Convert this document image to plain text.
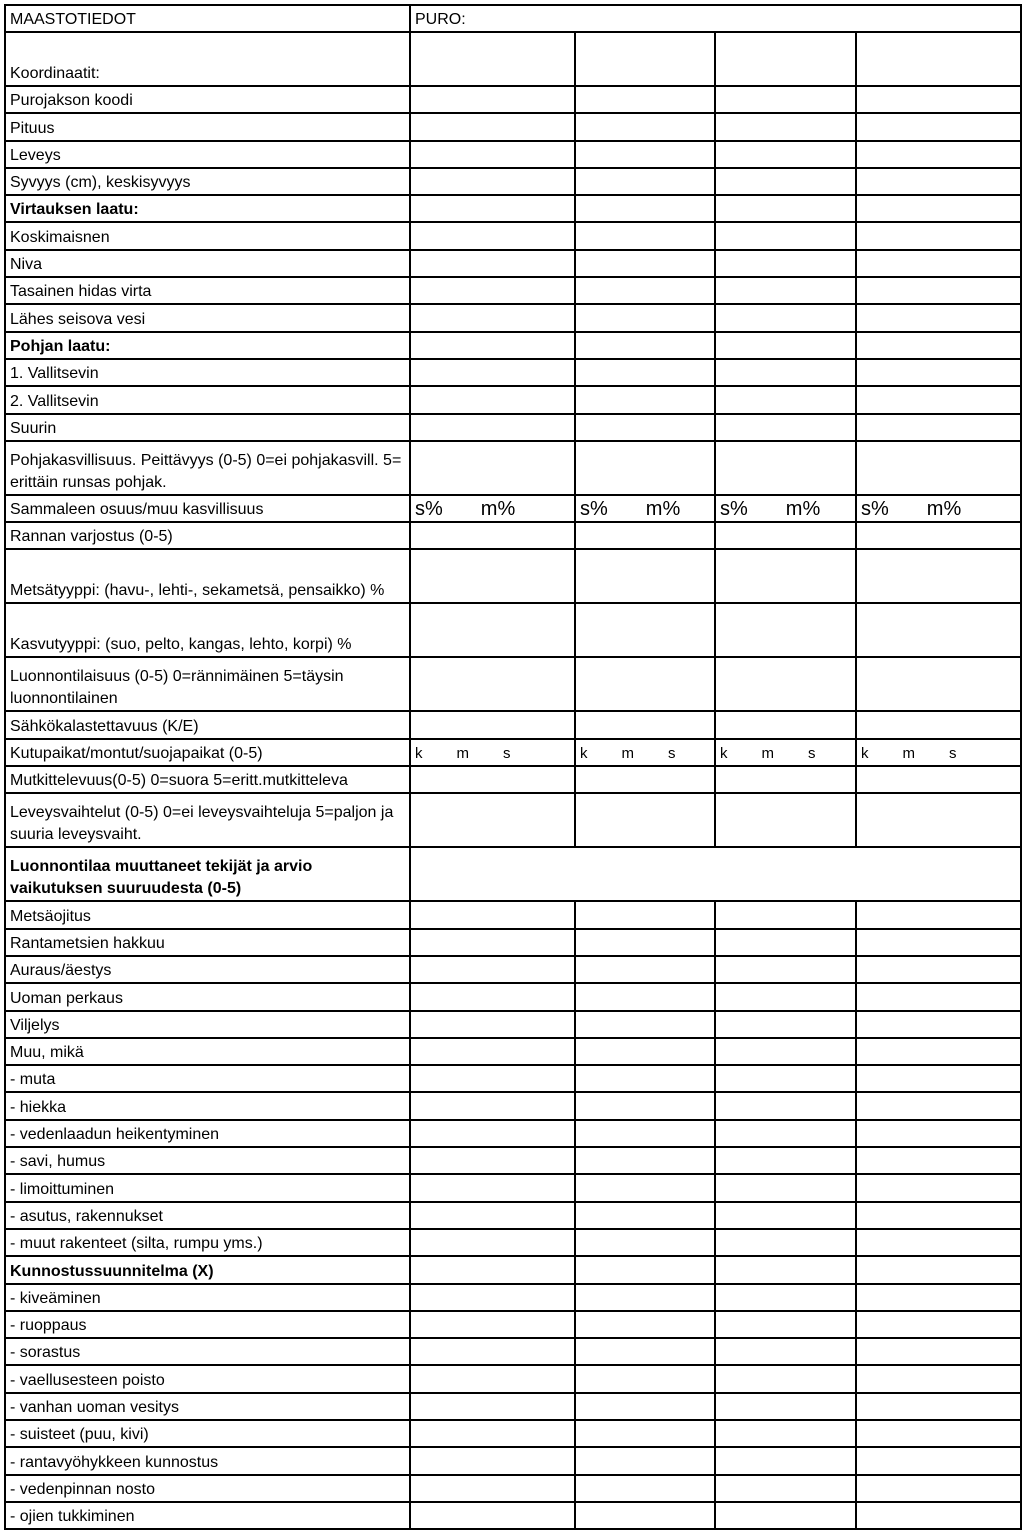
MAASTOTIEDOT	PURO:			
Koordinaatit:				
Purojakson koodi				
Pituus				
Leveys				
Syvyys (cm), keskisyvyys				
Virtauksen laatu:				
Koskimaisnen				
Niva				
Tasainen hidas virta				
Lähes seisova vesi				
Pohjan laatu:				
1. Vallitsevin				
2. Vallitsevin				
Suurin				
Pohjakasvillisuus. Peittävyys (0-5) 0=ei pohjakasvill. 5= erittäin runsas pohjak.				
Sammaleen osuus/muu kasvillisuus	s% m%	s% m%	s% m%	s% m%

Rannan varjostus (0-5)				
Metsätyyppi: (havu-, lehti-, sekametsä, pensaikko) %				
Kasvutyyppi: (suo, pelto, kangas, lehto, korpi) %				
Luonnontilaisuus (0-5) 0=rännimäinen 5=täysin luonnontilainen				
Sähkökalastettavuus (K/E)				
Kutupaikat/montut/suojapaikat (0-5)	k m s	k m s	k m s	k m s

Mutkittelevuus(0-5) 0=suora 5=eritt.mutkitteleva				
Leveysvaihtelut (0-5) 0=ei leveysvaihteluja 5=paljon ja suuria leveysvaiht.				
Luonnontilaa muuttaneet tekijät ja arvio vaikutuksen suuruudesta (0-5)				
Metsäojitus				
Rantametsien hakkuu				
Auraus/äestys				
Uoman perkaus				
Viljelys				
Muu, mikä				
- muta				
- hiekka				
- vedenlaadun heikentyminen				
- savi, humus				
- limoittuminen				
- asutus, rakennukset				
- muut rakenteet (silta, rumpu yms.)				
Kunnostussuunnitelma (X)				
- kiveäminen				
- ruoppaus				
- sorastus				
- vaellusesteen poisto				
- vanhan uoman vesitys				
- suisteet (puu, kivi)				
- rantavyöhykkeen kunnostus				
- vedenpinnan nosto				
- ojien tukkiminen				
